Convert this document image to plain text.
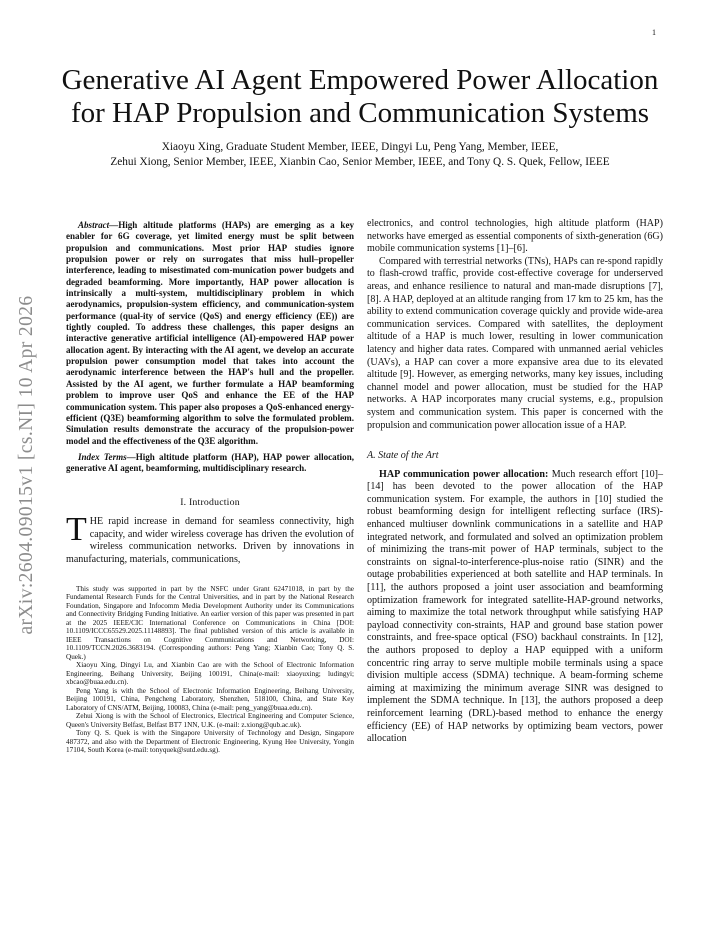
1
arXiv:2604.09015v1 [cs.NI] 10 Apr 2026
Generative AI Agent Empowered Power Allocation
for HAP Propulsion and Communication Systems
Xiaoyu Xing, Graduate Student Member, IEEE, Dingyi Lu, Peng Yang, Member, IEEE,
Zehui Xiong, Senior Member, IEEE, Xianbin Cao, Senior Member, IEEE, and Tony Q. S. Quek, Fellow, IEEE

Abstract—High altitude platforms (HAPs) are emerging as a key enabler for 6G coverage, yet limited energy must be split between propulsion and communications. Most prior HAP studies ignore propulsion power or rely on surrogates that miss hull–propeller interference, leading to misestimated com-munication power budgets and degraded beamforming. More importantly, HAP power allocation is intrinsically a multi-system, multidisciplinary problem in which aerodynamics, propulsion-system efficiency, and communication-system performance (qual-ity of service (QoS) and energy efficiency (EE)) are tightly coupled. To address these challenges, this paper designs an interactive generative artificial intelligence (AI)-empowered HAP power allocation agent. By interacting with the AI agent, we develop an accurate propulsion power consumption model that takes into account the aerodynamic interference between the HAP's hull and the propeller. Assisted by the AI agent, we further formulate a HAP beamforming problem to improve user QoS and enhance the EE of the HAP communication system. This paper also proposes a QoS-enhanced energy-efficient (Q3E) beamforming algorithm to solve the formulated problem. Simulation results demonstrate the accuracy of the propulsion-power model and the effectiveness of the Q3E algorithm.

Index Terms—High altitude platform (HAP), HAP power allocation, generative AI agent, beamforming, multidisciplinary research.

I. Introduction

THE rapid increase in demand for seamless connectivity, high capacity, and wider wireless coverage has driven the evolution of wireless communication networks. Driven by innovations in manufacturing, materials, communications,

This study was supported in part by the NSFC under Grant 62471018, in part by the Fundamental Research Funds for the Central Universities, and in part by the National Research Foundation, Singapore and Infocomm Media Development Authority under its Communications and Connectivity Bridging Funding Initiative. An earlier version of this paper was presented in part at the 2025 IEEE/CIC International Conference on Communications in China [DOI: 10.1109/ICCC65529.2025.11148893]. The final published version of this article is available in IEEE Transactions on Cognitive Communications and Networking, DOI: 10.1109/TCCN.2026.3683194. (Corresponding authors: Peng Yang; Xianbin Cao; Tony Q. S. Quek.)

Xiaoyu Xing, Dingyi Lu, and Xianbin Cao are with the School of Electronic Information Engineering, Beihang University, Beijing 100191, China(e-mail: xiaoyuxing; ludingyi; xbcao@buaa.edu.cn).

Peng Yang is with the School of Electronic Information Engineering, Beihang University, Beijing 100191, China, Pengcheng Laboratory, Shenzhen, 518100, China, and State Key Laboratory of CNS/ATM, Beijing, 100083, China (e-mail: peng_yang@buaa.edu.cn).

Zehui Xiong is with the School of Electronics, Electrical Engineering and Computer Science, Queen's University Belfast, Belfast BT7 1NN, U.K. (e-mail: z.xiong@qub.ac.uk).

Tony Q. S. Quek is with the Singapore University of Technology and Design, Singapore 487372, and also with the Department of Electronic Engineering, Kyung Hee University, Yongin 17104, South Korea (e-mail: tonyquek@sutd.edu.sg).

electronics, and control technologies, high altitude platform (HAP) networks have emerged as essential components of sixth-generation (6G) mobile communication systems [1]–[6].

Compared with terrestrial networks (TNs), HAPs can re-spond rapidly to flash-crowd traffic, provide cost-effective coverage for underserved areas, and enhance resilience to natural and man-made disruptions [7], [8]. A HAP, deployed at an altitude ranging from 17 km to 25 km, has the ability to extend communication coverage quickly and provide wide-area communication services. Compared with satellites, the deployment altitude of a HAP is much lower, resulting in lower communication latency and higher data rates. Compared with unmanned aerial vehicles (UAVs), a HAP can cover a more expansive area due to its elevated altitude [9]. However, as emerging networks, many key issues, including channel model and power allocation, must be studied for the HAP networks. A HAP incorporates many crucial systems, e.g., propulsion system and communication system. This paper is concerned with the propulsion and communication power allocation issue of a HAP.

A. State of the Art

HAP communication power allocation: Much research effort [10]–[14] has been devoted to the power allocation of the HAP communication system. For example, the authors in [10] studied the robust beamforming design for intelligent reflecting surface (IRS)-enhanced multiuser downlink communications in a satellite and HAP integrated network, and formulated and solved an optimization problem of minimizing the trans-mit power of HAP terminals, subject to the constraints on signal-to-interference-plus-noise ratio (SINR) and the outage probabilities experienced at both satellite and HAP terminals. In [11], the authors proposed a joint user association and beamforming optimization framework for integrated satellite-HAP-ground networks, aiming to maximize the total network throughput while satisfying HAP payload connectivity con-straints, HAP and ground base station power constraints, and free-space optical (FSO) backhaul constraints. In [12], the authors proposed to deploy a HAP equipped with a uniform concentric ring array to serve multiple mobile terminals using a space division multiple access (SDMA) technique. A beam-forming scheme aiming at maximizing the minimum average SINR was designed to implement the SDMA technique. In [13], the authors proposed a deep reinforcement learning (DRL)-based method to enhance the energy efficiency (EE) of HAP networks by optimizing beam vectors, power allocation
